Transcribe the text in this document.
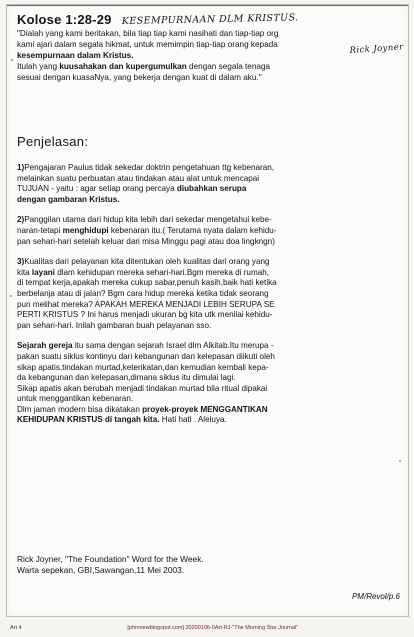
Kolose 1:28-29 KESEMPURNAAN DLM KRISTUS.
"Dialah yang kami beritakan, bila tiap tiap kami nasihati dan tiap-tiap org
kami ajari dalam segala hikmat, untuk memimpin tiap-tiap orang kepada
kesempurnaan dalam Kristus.
Itulah yang kuusahakan dan kupergumulkan dengan segala tenaga
sesuai dengan kuasaNya, yang bekerja dengan kuat di dalam aku."
Rick Joyner
Penjelasan:
1)Pengajaran Paulus tidak sekedar doktrin pengetahuan ttg kebenaran,
melainkan suatu perbuatan atau tindakan atau alat untuk mencapai
TUJUAN - yaitu : agar setiap orang percaya diubahkan serupa
dengan gambaran Kristus.
2)Panggilan utama dari hidup kita lebih dari sekedar mengetahui kebe-
naran-tetapi menghidupi kebenaran itu.( Terutama nyata dalam kehidu-
pan sehari-hari setelah keluar dari misa Minggu pagi atau doa lingkngn)
3)Kualitas dari pelayanan kita ditentukan oleh kualitas dari orang yang
kita layani dlam kehidupan mereka sehari-hari.Bgm mereka di rumah,
di tempat kerja,apakah mereka cukup sabar,penuh kasih,baik hati ketika
berbelanja atau di jalan? Bgm cara hidup mereka ketika tidak seorang
pun melihat mereka? APAKAH MEREKA MENJADI LEBIH SERUPA SE
PERTI KRISTUS ? Ini harus menjadi ukuran bg kita utk menilai kehidu-
pan sehari-hari. Inilah gambaran buah pelayanan sso.
Sejarah gereja itu sama dengan sejarah Israel dlm Alkitab.Itu merupa -
pakan suatu siklus kontinyu dari kebangunan dan kelepasan diikuti oleh
sikap apatis,tindakan murtad,keterikatan,dan kemudian kembali kepa-
da kebangunan dan kelepasan,dimana siklus itu dimulai lagi.
Sikap apatis akan berubah menjadi tindakan murtad bila ritual dipakai
untuk menggantikan kebenaran.
Dlm jaman modern bisa dikatakan proyek-proyek MENGGANTIKAN
KEHIDUPAN KRISTUS di tangah kita. Hati hati . Aleluya.
Rick Joyner, "The Foundation" Word for the Week.
Warta sepekan, GBI,Sawangan,11 Mei 2003.
PM/Revol/p.6
Art 4	[phmnewblogspot.com] 20200106-0Art-RJ-"The Morning Star Journal"
